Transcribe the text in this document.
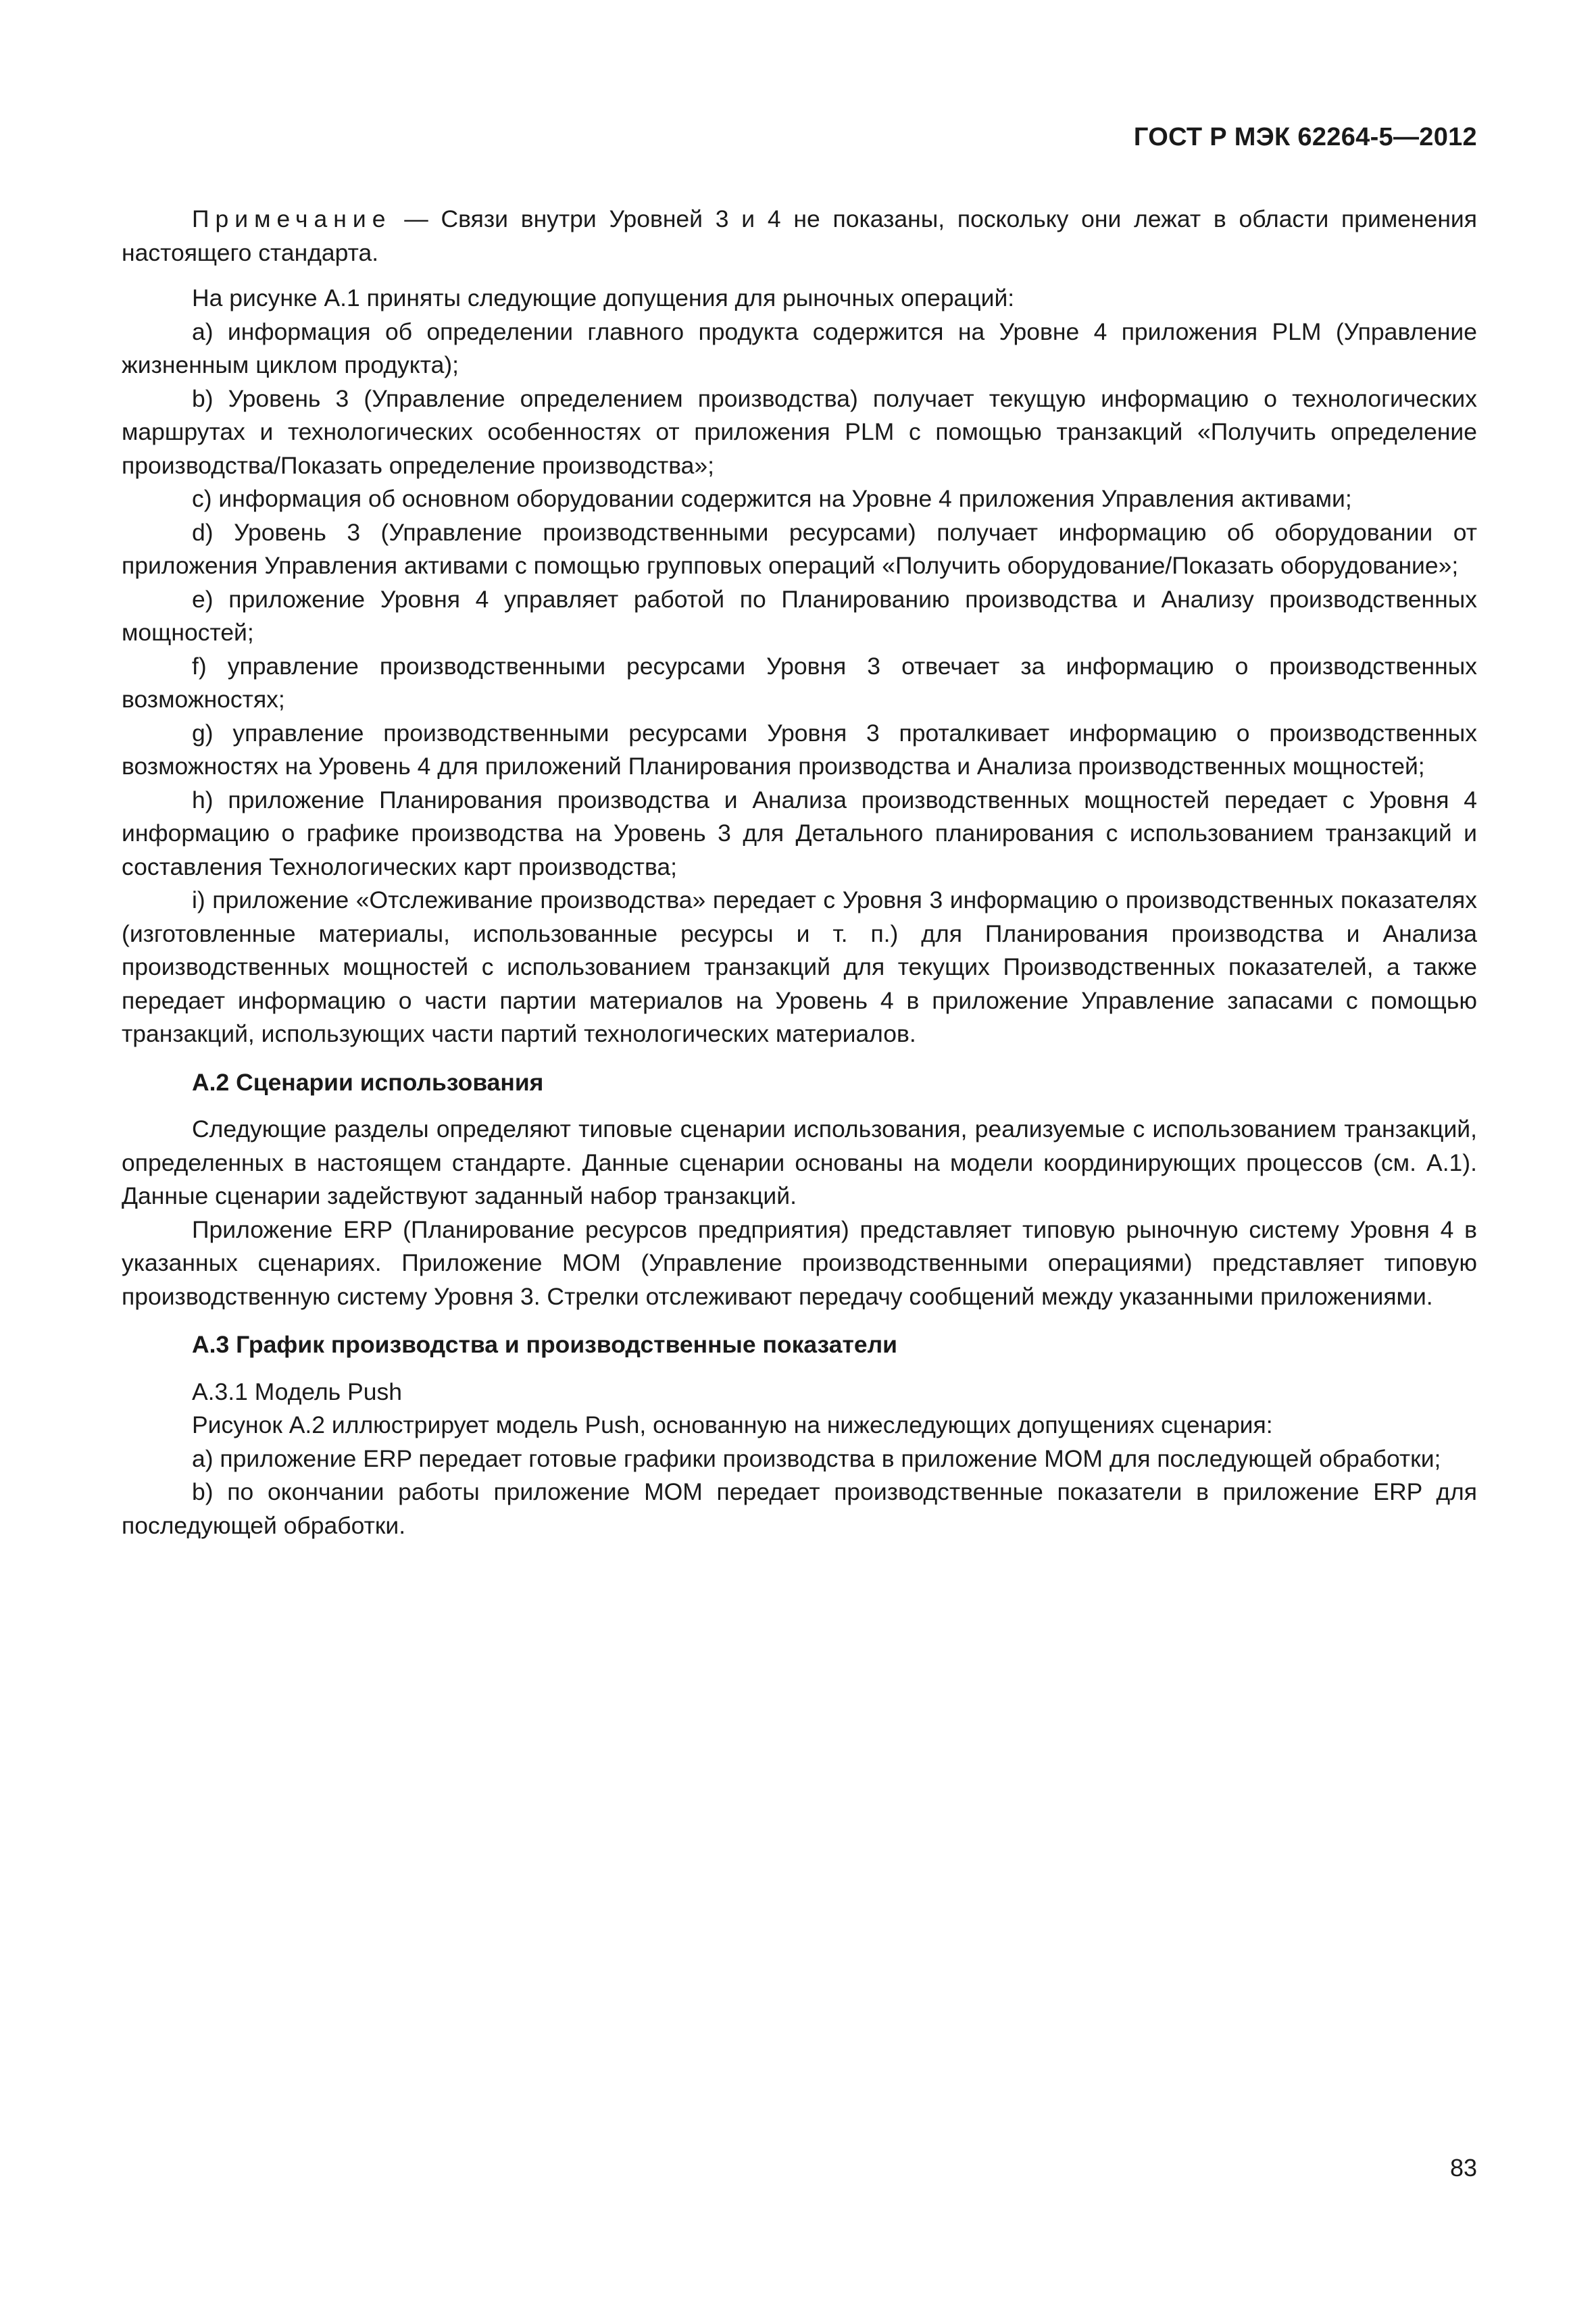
ГОСТ Р МЭК 62264-5—2012

Примечание — Связи внутри Уровней 3 и 4 не показаны, поскольку они лежат в области применения настоящего стандарта.

На рисунке А.1 приняты следующие допущения для рыночных операций:

а) информация об определении главного продукта содержится на Уровне 4 приложения PLM (Управление жизненным циклом продукта);

b) Уровень 3 (Управление определением производства) получает текущую информацию о технологических маршрутах и технологических особенностях от приложения PLM с помощью транзакций «Получить определение производства/Показать определение производства»;

с) информация об основном оборудовании содержится на Уровне 4 приложения Управления активами;

d) Уровень 3 (Управление производственными ресурсами) получает информацию об оборудовании от приложения Управления активами с помощью групповых операций «Получить оборудование/Показать оборудование»;

е) приложение Уровня 4 управляет работой по Планированию производства и Анализу производственных мощностей;

f) управление производственными ресурсами Уровня 3 отвечает за информацию о производственных возможностях;

g) управление производственными ресурсами Уровня 3 проталкивает информацию о производственных возможностях на Уровень 4 для приложений Планирования производства и Анализа производственных мощностей;

h) приложение Планирования производства и Анализа производственных мощностей передает с Уровня 4 информацию о графике производства на Уровень 3 для Детального планирования с использованием транзакций и составления Технологических карт производства;

i) приложение «Отслеживание производства» передает с Уровня 3 информацию о производственных показателях (изготовленные материалы, использованные ресурсы и т. п.) для Планирования производства и Анализа производственных мощностей с использованием транзакций для текущих Производственных показателей, а также передает информацию о части партии материалов на Уровень 4 в приложение Управление запасами с помощью транзакций, использующих части партий технологических материалов.

А.2 Сценарии использования

Следующие разделы определяют типовые сценарии использования, реализуемые с использованием транзакций, определенных в настоящем стандарте. Данные сценарии основаны на модели координирующих процессов (см. А.1). Данные сценарии задействуют заданный набор транзакций.

Приложение ERP (Планирование ресурсов предприятия) представляет типовую рыночную систему Уровня 4 в указанных сценариях. Приложение МОМ (Управление производственными операциями) представляет типовую производственную систему Уровня 3. Стрелки отслеживают передачу сообщений между указанными приложениями.

А.3 График производства и производственные показатели

А.3.1 Модель Push

Рисунок А.2 иллюстрирует модель Push, основанную на нижеследующих допущениях сценария:

а) приложение ERP передает готовые графики производства в приложение МОМ для последующей обработки;

b) по окончании работы приложение МОМ передает производственные показатели в приложение ERP для последующей обработки.

83
